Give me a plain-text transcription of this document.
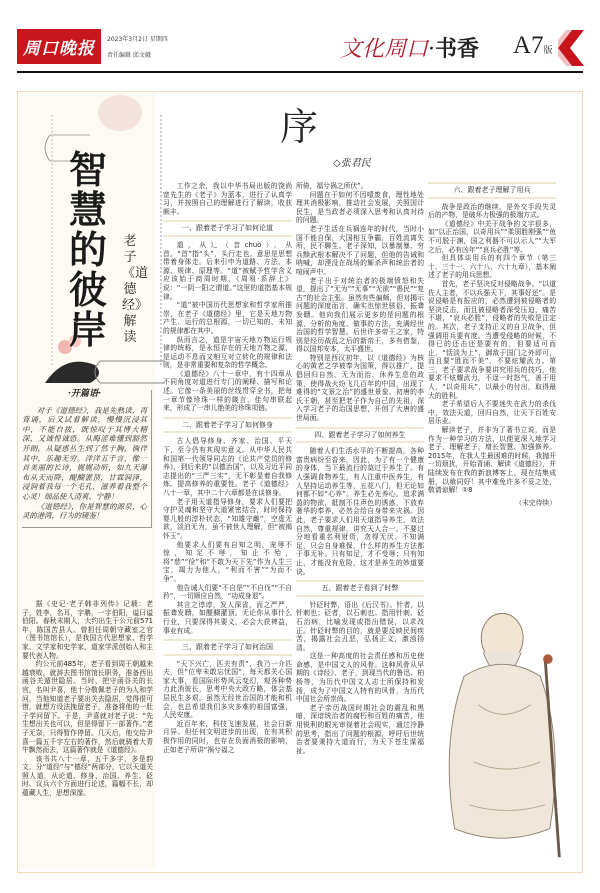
周口晚报 2023年3月2日 星期四
责任编辑 邱文娥	文化周口·书香 A7版
序
◇张君民
智
慧
的
彼
岸
老子《道德经》解读
·开篇语·

对于《道德经》，我是先熟读，再背诵，后又试着解读，慢慢沉浸其中，不能自拔，既惊叹于其博大精深，又诚惶诚恐。从晦涩难懂到豁然开朗，从疑惑丛生到了然于胸，徜徉其中，乐趣无穷。洋洋五千言，像一首美丽的长诗，娓娓动听，如九天瀑布从天而降，醍醐灌顶，甘霖润泽，浸润着我每一个毛孔，滋养着我整个心灵！细品使人清爽、宁静！

《道德经》，你是智慧的源泉，心灵的港湾，行为的镜鉴！

据《史记·老子韩非列传》记载：老子，姓李，名耳，字聃，一字伯阳，谥曰谥伯阳。春秋末期人，大约出生于公元前571年，陈国苦县人。曾担任周朝守藏室之官（图书馆馆长），是我国古代思想家、哲学家、文学家和史学家，道家学派创始人和主要代表人物。

约公元前485年，老子看到周王朝越来越衰败，就辞去图书馆馆长职务，准备西出函谷关遁世隐居。当时，把守函谷关的长官，名叫尹喜，他十分敬佩老子的为人和学问，当他知道老子要出关去隐居，觉得很可惜，就想方设法挽留老子，准备将他的一肚子学问留下。于是，尹喜就对老子说：“先生想出关也可以，但是得留下一部著作。”老子无奈，只得暂作停留。几天后，他交给尹喜一篇五千字左右的著作，然后就骑着大青牛飘然而去，这篇著作就是《道德经》。

该书共八十一章，五千多字，多是韵文，分“道经”与“德经”两部分，它以天道关照人道，从论道、修身、治国、养生、砭时、议兵六个方面进行论述，篇幅不长，却蕴藏人生，思想深邃。

工作之余，我以中华书局出版的饶尚宽先生的《老子》为蓝本，进行了认真学习，并按照自己的理解进行了解读，收获颇丰。

一、跟着老子学习了如何论道

道，从辶（音chuò），从首。“首”指“头”，头行走也。意思是思想带着身体走。后来引申为道路、方法、本源、规律、原理等。“道”被赋予哲学含义应该始于商周时期，《周易·系辞上》说：“一阴一阳之谓道。”这里的道指基本规律。

“道”被中国历代思想家和哲学家所推崇，在老子《道德经》里，它是天地万物产生、运行的总根源，一切已知的、未知的规律都在其中。

纵而言之，道是宇宙天地万物运行规律的统称，是永恒存在的天地万物之源，是运动不息而又相互对立转化的规律和法则，是非常重要和复杂的哲学概念。

《道德经》八十一章中，有十四章从不同角度对道进行专门的阐释、描写和论述。它像一条美丽的丝线贯穿全书，把每一章节像珍珠一样的箴言、佳句串联起来，形成了一串儿绝美的珍珠项链。

二、跟着老子学习了如何修身

古人倡导修身、齐家、治国、平天下，至今仍有其现实意义。从中华人民共和国第一代领导同志的《论共产党员的修养》，到后来的“以德治国”，以及习近平同志提出的“三严三实”，无不彰显着自我修炼、提高修养的重要性。老子《道德经》八十一章，其中二十六章都是在谈修身。

老子用天道指导修身，要求人们要把守护灵魂和坚守大道紧密结合，时时保持婴儿般的淳朴状态，“知雄守雌”，空虚无欲，淡泊无为，虽不被世人理解，但“被褐怀玉”。

他要求人们要有自知之明，宠辱不惊，知足不辱，知止不殆，将“慈”“俭”和“不敢为天下先”作为人生三宝，竭力为他人，“利而不害”“为而不争”。

他告诫人们要“不自是”“不自伐”“不自矜”，一切顺应自然，“功成身退”。

其言之谆谆，发人深省，而之严严，振聋发聩，如醍醐灌顶。无论你从事什么行业，只要深得其要义，必会大获裨益，事业有成。

三、跟着老子学习了如何治国

“天下兴亡，匹夫有责”，我乃一介匹夫，但“位卑未敢忘忧国”，每天都关心国家大事，看国际形势风云变幻，观各种势力此消彼长，思考中央大政方略，体会基层民生多艰。虽然无经世治国的才能和机会，也总希望我们多灾多难的祖国富强，人民安康。

近百年来，科技飞速发展，社会日新月异。但任何文明进步的出现，在有其积极作用的同时，也存在负面消极的影响，正如老子所讲“祸兮福之

所倚，福兮祸之所伏”。

问题在于如何不因噎废食，理性地处理其消极影响，推动社会发展，关照国计民生，是当政者必须深入思考和认真对待的问题。

老子生活在兵祸连年的时代，当时小国不能自保，大国相互争霸，百姓流离失所，民不聊生。老子深知，以暴制暴、穷兵黩武根本解决不了问题，但他的告诫和呐喊，却湮没在战场的厮杀声和统治者的喧闹声中。

老子出于对统治者的极端愤怒和失望，提出了“无为”“无事”“无欲”“愚民”“复古”的社会主张。虽然有些偏颇，但对揭示问题的深度而言，确实也惊世骇俗，振聋发聩。他向我们展示更多的是问题的根源、分析的角度、做事的方法，充满经世治国的哲学智慧。后世许多帝王之家，特别是经历战乱之后的新帝王，多有借鉴，得以国邦安本，太平盛世。

特别是西汉初年，以《道德经》为核心的黄老之学被奉为国策，得以推广，提倡回归自然、无为而治、休养生息的政策，使得战火纷飞几百年的中国，出现了难得的“文景之治”的盛世景象。初唐的李氏王朝，甚至把老子作为自己的先祖，深入学习老子的治国思想，开创了大唐的盛世局面。

四、跟着老子学习了如何养生

随着人们生活水平的不断提高，各种富贵病纷至沓来，因此，为了有一个健康的身体，当下最流行的莫过于养生了。有人强调食物养生，有人注重中医养生，有人坚持运动养生等，五花八门，但无论如何都不如“心养”。养生必先养心。追求满盈的物欲，抵制不住声色的诱惑，不放弃奢华的奉养，必然会给自身带来灾祸。因此，老子要求人们用天道指导养生，效法自然，尊重规律，讲究天人合一。不要过分地看重名利财货，贪得无厌、不知满足，只会自身难保，什么样的养生方法都于事无补。只有知足，才不受辱；只有知止，才能没有危险，这才是养生的妙道要诀。

五、跟着老子看到了时弊

针砭时弊，语出《后汉书》。针者，以针刺也；砭者，以石刺也。指用针刺、砭石治病，比喻发现或指出错误，以求改正。针砭时弊的目的，就是要反映民间疾苦，揭露社会丑恶，弘扬正义，激浊扬清。

这是一种高度的社会责任感和历史使命感，是中国文人的风骨。这种风骨从早期的《诗经》、老子，到现当代的鲁迅、柏杨等，为历代中国文人志士所保持和发扬，成为了中国文人特有的风骨，为历代中国社会所崇尚。

老子亲历战国时期社会的震乱和黑暗，深谙统治者的腐朽和百姓的痛苦，他用锐利的眼光审视着社会现实，通过冷静的思考，指出了问题的根源，呼吁后世统治者要秉持大道而行，为天下苍生谋福祉。

六、跟着老子理解了用兵

战争是政治的继续，是外交手段失灵后的产物，是破坏力极强的极端方式。

《道德经》中关于战争的文字很多，如“以正治国，以奇用兵”“柔弱胜刚强”“鱼不可脱于渊，国之利器不可以示人”“大军之后，必有凶年”“哀兵必胜”等。

但具体谈用兵的有四个章节（第三十、三十一、六十八、六十九章），基本阐述了老子的用兵思想。

首先，老子坚决反对侵略战争。“以道佐人主者，不以兵强天下，其事好还”。是说侵略是有报应的，必然遭到被侵略者的坚决反击，而且被侵略者深受压迫，痛苦不堪，“哀兵必胜”，侵略者的失败是注定的。其次，老子支持正义的自卫战争，但强调用兵要有度。当遭受侵略的时候，不得已的还击还是要有的，但要适可而止，“恬淡为上”，御敌于国门之外即可，而且要“胜而不美”，不要炫耀武力。第三，老子要求战争要讲究用兵的技巧，他要求不炫耀武力，不逞一时怒气，善于用人，“以奇用兵”，以最小的付出，取得最大的胜利。

老子希望后人不要迷失在武力的杀伐中，效法天道，回归自然，让天下百姓安居乐业。

解读老子，并非为了著书立说，而是作为一种学习的方法，以便更深入地学习老子、理解老子，增长智慧、加强修养。2015年，在我人生最困难的时候，我抛开一切烦扰，开始背诵、解读《道德经》，并陆续发布在我的新浪博客上。现在结集成册，以飨同好！其中难免许多不妥之处，敬请谅解！①8

（未完待续）
